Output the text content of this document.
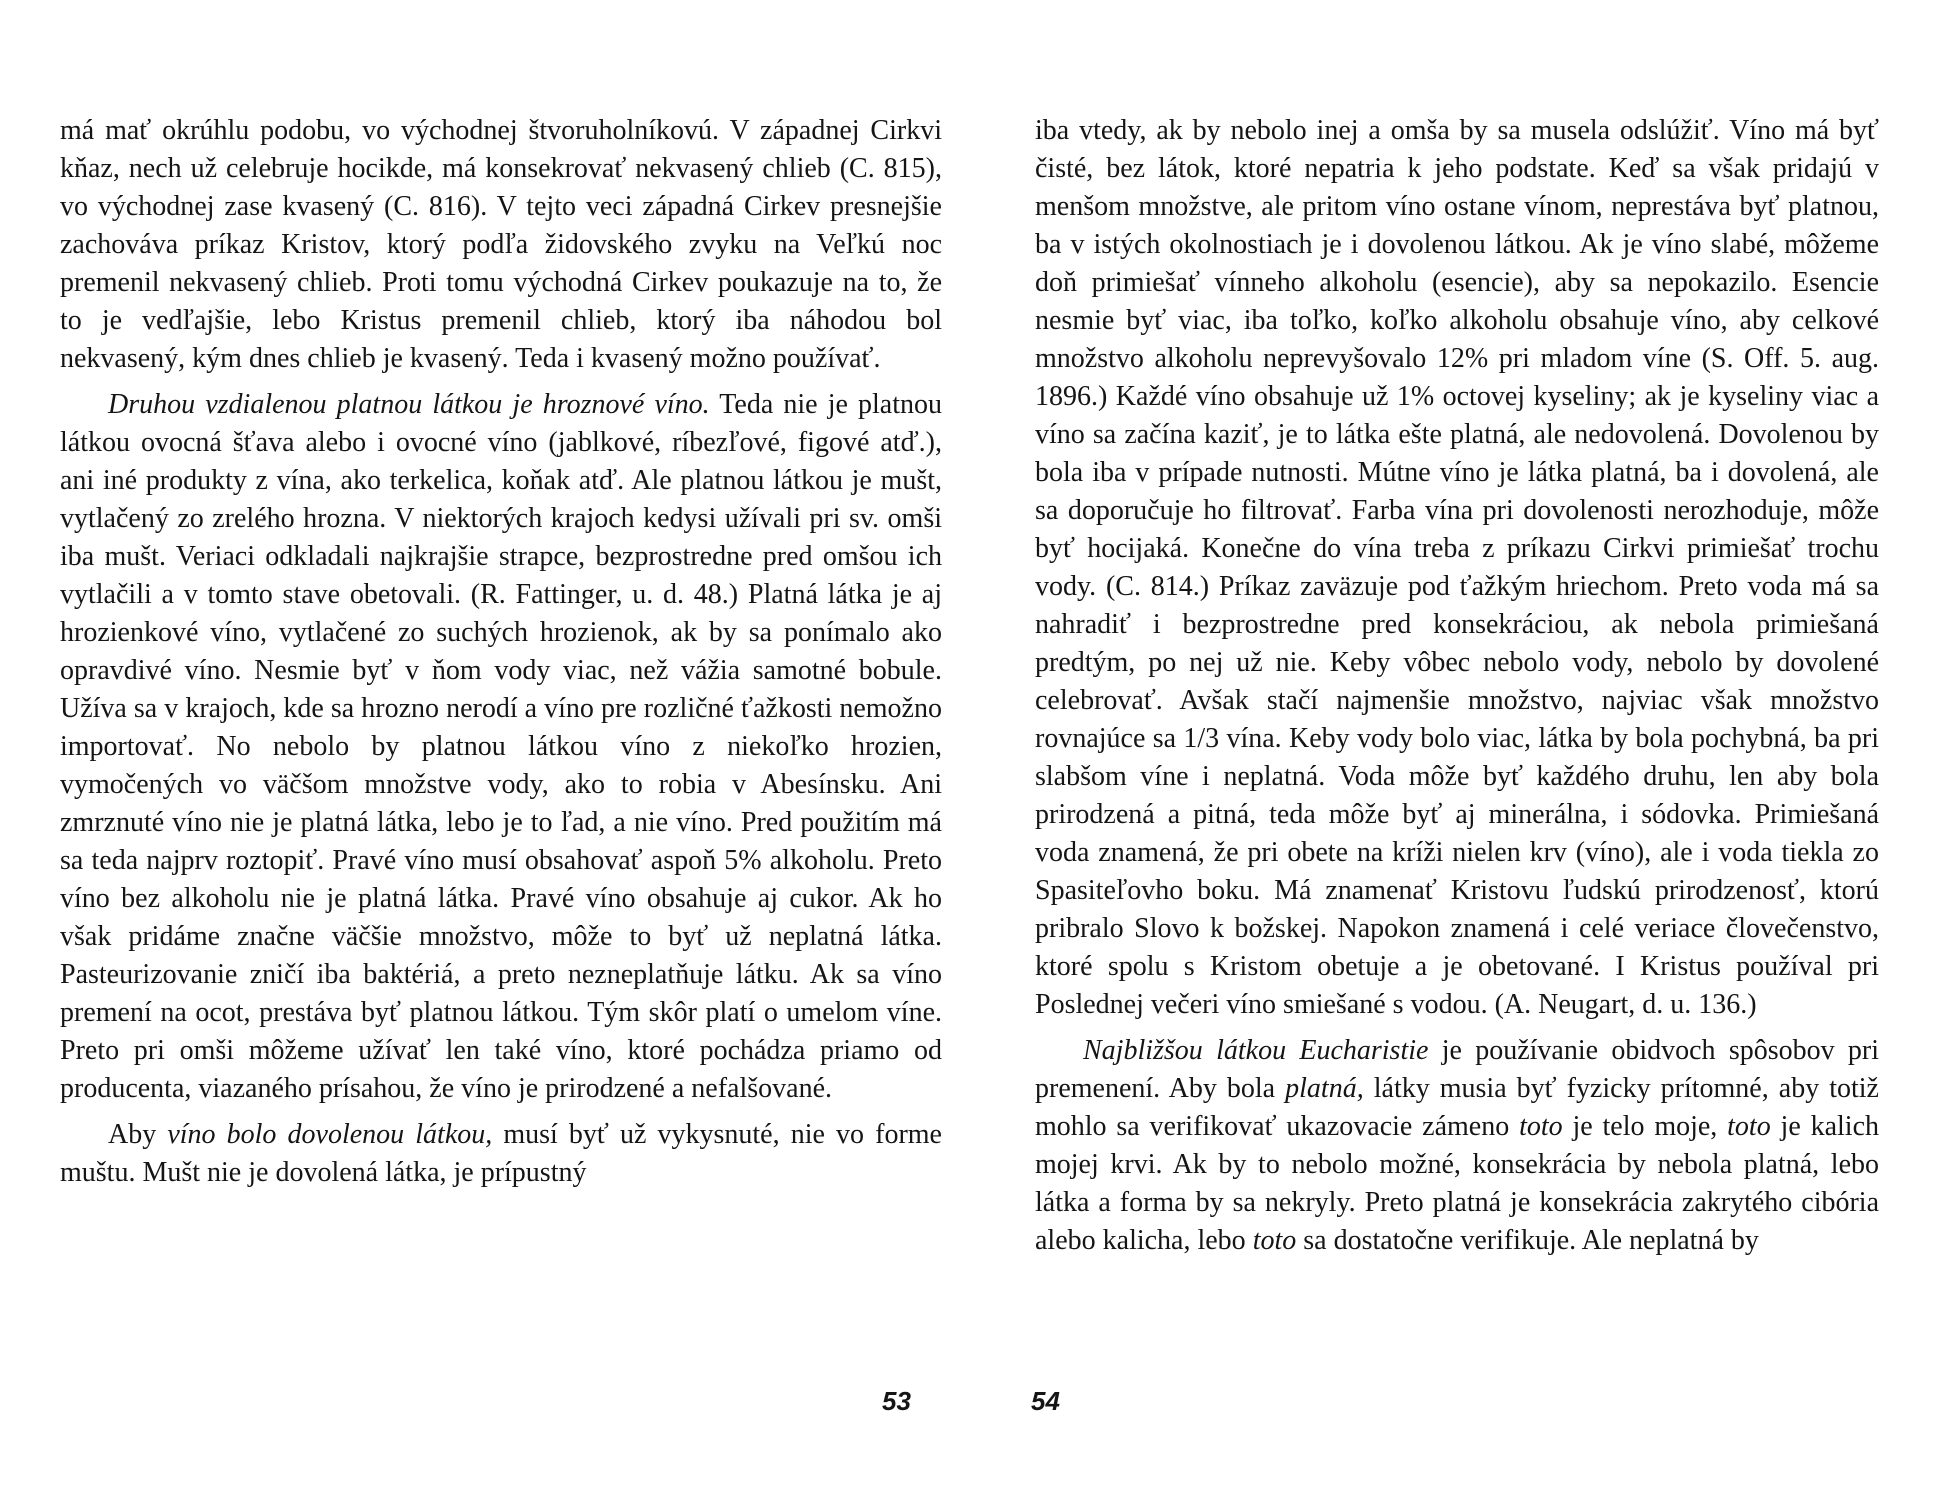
má mať okrúhlu podobu, vo východnej štvoruholníkovú. V západnej Cirkvi kňaz, nech už celebruje hocikde, má konsekrovať nekvasený chlieb (C. 815), vo východnej zase kvasený (C. 816). V tejto veci západná Cirkev presnejšie zachováva príkaz Kristov, ktorý podľa židovského zvyku na Veľkú noc premenil nekvasený chlieb. Proti tomu východná Cirkev poukazuje na to, že to je vedľajšie, lebo Kristus premenil chlieb, ktorý iba náhodou bol nekvasený, kým dnes chlieb je kvasený. Teda i kvasený možno používať.
Druhou vzdialenou platnou látkou je hroznové víno. Teda nie je platnou látkou ovocná šťava alebo i ovocné víno (jablkové, ríbezľové, figové atď.), ani iné produkty z vína, ako terkelica, koňak atď. Ale platnou látkou je mušt, vytlačený zo zrelého hrozna. V niektorých krajoch kedysi užívali pri sv. omši iba mušt. Veriaci odkladali najkrajšie strapce, bezprostredne pred omšou ich vytlačili a v tomto stave obetovali. (R. Fattinger, u. d. 48.) Platná látka je aj hrozienkové víno, vytlačené zo suchých hrozienok, ak by sa ponímalo ako opravdivé víno. Nesmie byť v ňom vody viac, než vážia samotné bobule. Užíva sa v krajoch, kde sa hrozno nerodí a víno pre rozličné ťažkosti nemožno importovať. No nebolo by platnou látkou víno z niekoľko hrozien, vymočených vo väčšom množstve vody, ako to robia v Abesínsku. Ani zmrznuté víno nie je platná látka, lebo je to ľad, a nie víno. Pred použitím má sa teda najprv roztopiť. Pravé víno musí obsahovať aspoň 5% alkoholu. Preto víno bez alkoholu nie je platná látka. Pravé víno obsahuje aj cukor. Ak ho však pridáme značne väčšie množstvo, môže to byť už neplatná látka. Pasteurizovanie zničí iba baktériá, a preto nezneplatňuje látku. Ak sa víno premení na ocot, prestáva byť platnou látkou. Tým skôr platí o umelom víne. Preto pri omši môžeme užívať len také víno, ktoré pochádza priamo od producenta, viazaného prísahou, že víno je prirodzené a nefalšované.
Aby víno bolo dovolenou látkou, musí byť už vykysnuté, nie vo forme muštu. Mušt nie je dovolená látka, je prípustný
53
iba vtedy, ak by nebolo inej a omša by sa musela odslúžiť. Víno má byť čisté, bez látok, ktoré nepatria k jeho podstate. Keď sa však pridajú v menšom množstve, ale pritom víno ostane vínom, neprestáva byť platnou, ba v istých okolnostiach je i dovolenou látkou. Ak je víno slabé, môžeme doň primiešať vínneho alkoholu (esencie), aby sa nepokazilo. Esencie nesmie byť viac, iba toľko, koľko alkoholu obsahuje víno, aby celkové množstvo alkoholu neprevyšovalo 12% pri mladom víne (S. Off. 5. aug. 1896.) Každé víno obsahuje už 1% octovej kyseliny; ak je kyseliny viac a víno sa začína kaziť, je to látka ešte platná, ale nedovolená. Dovolenou by bola iba v prípade nutnosti. Mútne víno je látka platná, ba i dovolená, ale sa doporučuje ho filtrovať. Farba vína pri dovolenosti nerozhoduje, môže byť hocijaká. Konečne do vína treba z príkazu Cirkvi primiešať trochu vody. (C. 814.) Príkaz zaväzuje pod ťažkým hriechom. Preto voda má sa nahradiť i bezprostredne pred konsekráciou, ak nebola primiešaná predtým, po nej už nie. Keby vôbec nebolo vody, nebolo by dovolené celebrovať. Avšak stačí najmenšie množstvo, najviac však množstvo rovnajúce sa 1/3 vína. Keby vody bolo viac, látka by bola pochybná, ba pri slabšom víne i neplatná. Voda môže byť každého druhu, len aby bola prirodzená a pitná, teda môže byť aj minerálna, i sódovka. Primiešaná voda znamená, že pri obete na kríži nielen krv (víno), ale i voda tiekla zo Spasiteľovho boku. Má znamenať Kristovu ľudskú prirodzenosť, ktorú pribralo Slovo k božskej. Napokon znamená i celé veriace človečenstvo, ktoré spolu s Kristom obetuje a je obetované. I Kristus používal pri Poslednej večeri víno smiešané s vodou. (A. Neugart, d. u. 136.)
Najbližšou látkou Eucharistie je používanie obidvoch spôsobov pri premenení. Aby bola platná, látky musia byť fyzicky prítomné, aby totiž mohlo sa verifikovať ukazovacie zámeno toto je telo moje, toto je kalich mojej krvi. Ak by to nebolo možné, konsekrácia by nebola platná, lebo látka a forma by sa nekryly. Preto platná je konsekrácia zakrytého cibória alebo kalicha, lebo toto sa dostatočne verifikuje. Ale neplatná by
54
